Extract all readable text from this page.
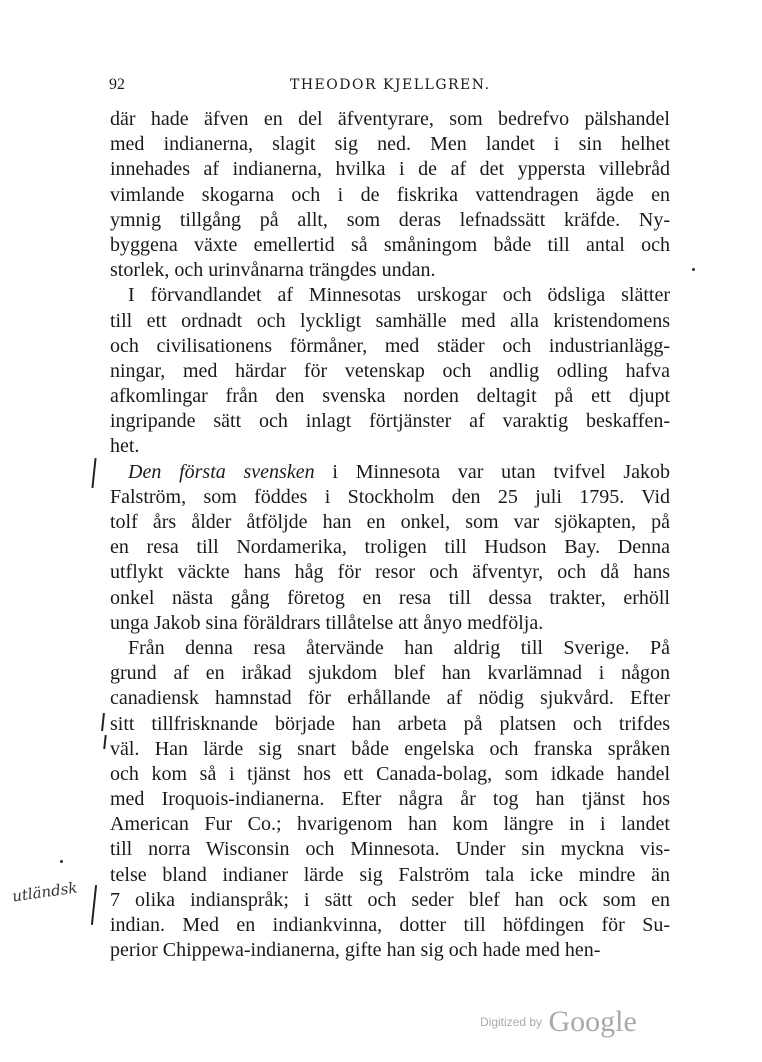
92	THEODOR KJELLGREN.
där hade äfven en del äfventyrare, som bedrefvo pälshandel
med indianerna, slagit sig ned. Men landet i sin helhet
innehades af indianerna, hvilka i de af det yppersta villebråd
vimlande skogarna och i de fiskrika vattendragen ägde en
ymnig tillgång på allt, som deras lefnadssätt kräfde. Ny-
byggena växte emellertid så småningom både till antal och
storlek, och urinvånarna trängdes undan.
I förvandlandet af Minnesotas urskogar och ödsliga slätter
till ett ordnadt och lyckligt samhälle med alla kristendomens
och civilisationens förmåner, med städer och industrianlägg-
ningar, med härdar för vetenskap och andlig odling hafva
afkomlingar från den svenska norden deltagit på ett djupt
ingripande sätt och inlagt förtjänster af varaktig beskaffen-
het.
Den första svensken i Minnesota var utan tvifvel Jakob
Falström, som föddes i Stockholm den 25 juli 1795. Vid
tolf års ålder åtföljde han en onkel, som var sjökapten, på
en resa till Nordamerika, troligen till Hudson Bay. Denna
utflykt väckte hans håg för resor och äfventyr, och då hans
onkel nästa gång företog en resa till dessa trakter, erhöll
unga Jakob sina föräldrars tillåtelse att ånyo medfölja.
Från denna resa återvände han aldrig till Sverige. På
grund af en iråkad sjukdom blef han kvarlämnad i någon
canadiensk hamnstad för erhållande af nödig sjukvård. Efter
sitt tillfrisknande började han arbeta på platsen och trifdes
väl. Han lärde sig snart både engelska och franska språken
och kom så i tjänst hos ett Canada-bolag, som idkade handel
med Iroquois-indianerna. Efter några år tog han tjänst hos
American Fur Co.; hvarigenom han kom längre in i landet
till norra Wisconsin och Minnesota. Under sin myckna vis-
telse bland indianer lärde sig Falström tala icke mindre än
7 olika indianspråk; i sätt och seder blef han ock som en
indian. Med en indiankvinna, dotter till höfdingen för Su-
perior Chippewa-indianerna, gifte han sig och hade med hen-
utländsk
Digitized by Google
